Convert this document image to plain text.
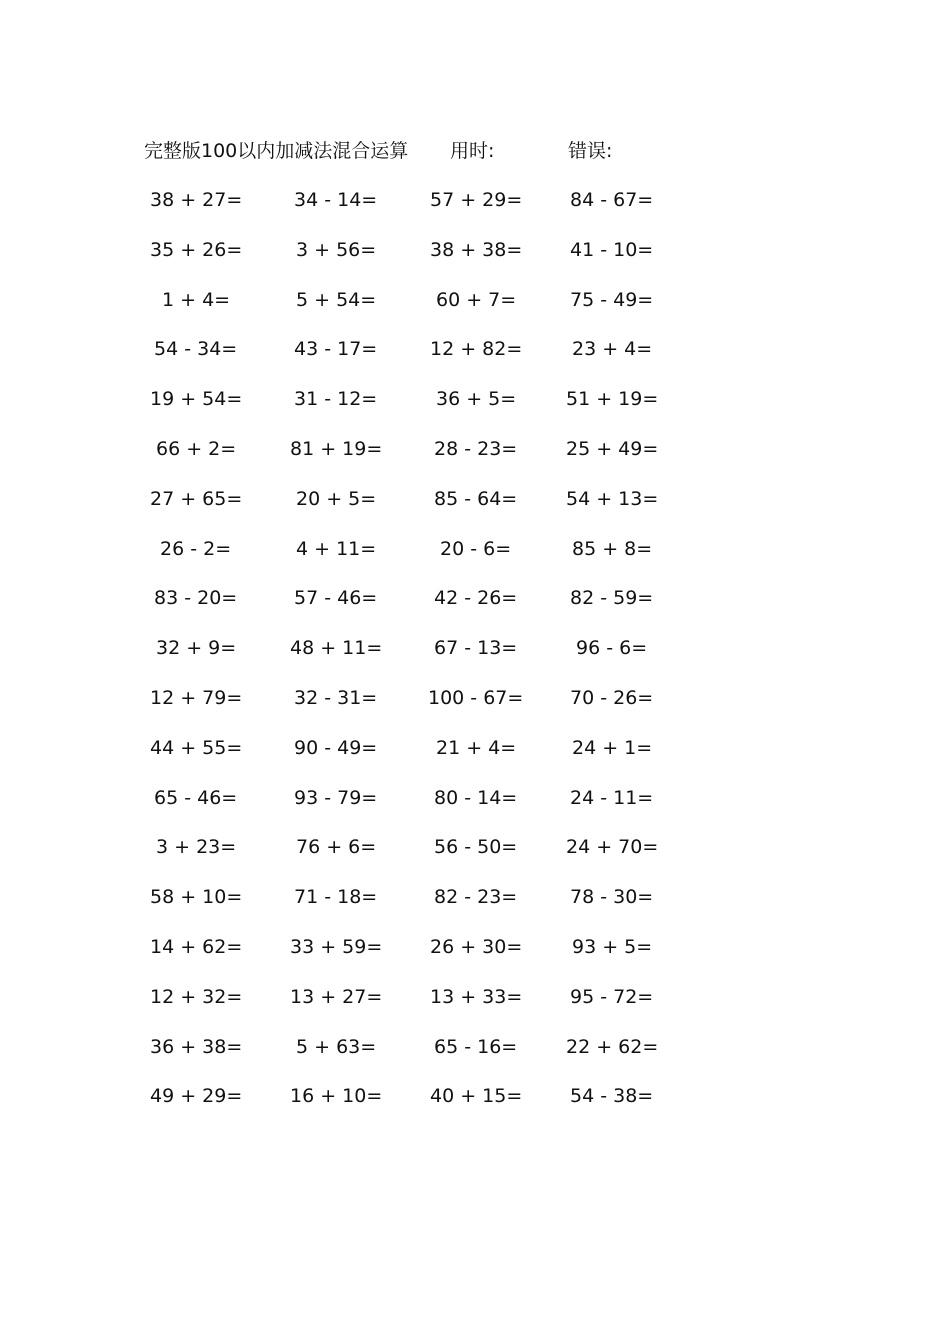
完整版100以内加减法混合运算 用时:	错误:
38 + 27=	34 - 14=	57 + 29=	84 - 67=
35 + 26=	3 + 56=	38 + 38=	41 - 10=
1 + 4=	5 + 54=	60 + 7=	75 - 49=
54 - 34=	43 - 17=	12 + 82=	23 + 4=
19 + 54=	31 - 12=	36 + 5=	51 + 19=
66 + 2=	81 + 19=	28 - 23=	25 + 49=
27 + 65=	20 + 5=	85 - 64=	54 + 13=
26 - 2=	4 + 11=	20 - 6=	85 + 8=
83 - 20=	57 - 46=	42 - 26=	82 - 59=
32 + 9=	48 + 11=	67 - 13=	96 - 6=
12 + 79=	32 - 31=	100 - 67= 70 - 26=
44 + 55=	90 - 49=	21 + 4=	24 + 1=
65 - 46=	93 - 79=	80 - 14=	24 - 11=
3 + 23=	76 + 6=	56 - 50=	24 + 70=
58 + 10=	71 - 18=	82 - 23=	78 - 30=
14 + 62=	33 + 59=	26 + 30=	93 + 5=
12 + 32=	13 + 27=	13 + 33=	95 - 72=
36 + 38=	5 + 63=	65 - 16=	22 + 62=
49 + 29=	16 + 10=	40 + 15=	54 - 38=
